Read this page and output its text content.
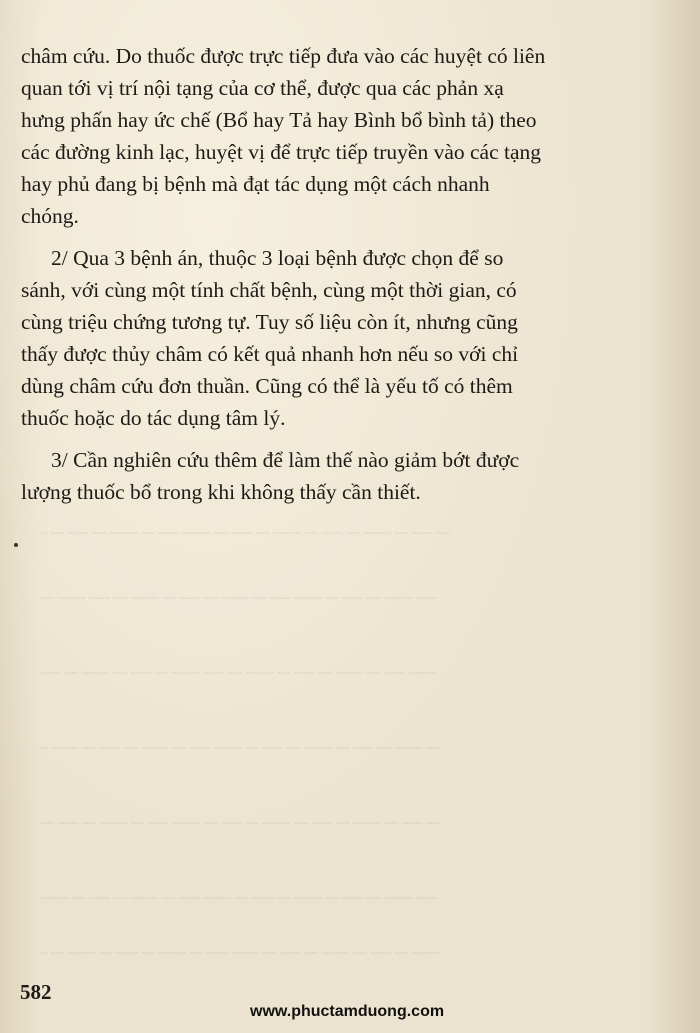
~ ~~ ~~~ ~~ ~~~~ ~~ ~~~ ~~~~ ~~ ~~~ ~~ ~~~~ ~~ ~~~ ~~ ~~~~ ~~ ~~~ ~~
~~ ~~~~ ~~~ ~~ ~~~~ ~~ ~~~ ~~ ~~~~ ~~ ~~~ ~~~~ ~~ ~~~ ~~ ~~~~ ~~~
~~~ ~~ ~~~~ ~~ ~~~ ~~ ~~~~ ~~~ ~~ ~~~~ ~~ ~~~ ~~ ~~~~ ~~ ~~~ ~~~~
~ ~~~~ ~~ ~~~ ~~ ~~~~ ~~ ~~~ ~~~~ ~~ ~~~ ~~ ~~~~ ~~ ~~~ ~~ ~~~~ ~~
~~ ~~~ ~~ ~~~~ ~~ ~~~ ~~~~ ~~ ~~~ ~~ ~~~~ ~~ ~~~ ~~ ~~~~ ~~ ~~~ ~~
~~~~ ~~ ~~~ ~~ ~~~~ ~~ ~~~ ~~~~ ~~ ~~~ ~~ ~~~~ ~~ ~~~ ~~ ~~~~ ~~~
~ ~~ ~~~~ ~~ ~~~ ~~ ~~~~ ~~ ~~~ ~~~~ ~~ ~~~ ~~ ~~~~ ~~ ~~~ ~~ ~~~~

châm cứu. Do thuốc được trực tiếp đưa vào các huyệt có liên
quan tới vị trí nội tạng của cơ thể, được qua các phản xạ
hưng phấn hay ức chế (Bổ hay Tả hay Bình bổ bình tả) theo
các đường kinh lạc, huyệt vị để trực tiếp truyền vào các tạng
hay phủ đang bị bệnh mà đạt tác dụng một cách nhanh
chóng.

2/ Qua 3 bệnh án, thuộc 3 loại bệnh được chọn để so
sánh, với cùng một tính chất bệnh, cùng một thời gian, có
cùng triệu chứng tương tự. Tuy số liệu còn ít, nhưng cũng
thấy được thủy châm có kết quả nhanh hơn nếu so với chỉ
dùng châm cứu đơn thuần. Cũng có thể là yếu tố có thêm
thuốc hoặc do tác dụng tâm lý.

3/ Cần nghiên cứu thêm để làm thế nào giảm bớt được
lượng thuốc bổ trong khi không thấy cần thiết.

582
www.phuctamduong.com
